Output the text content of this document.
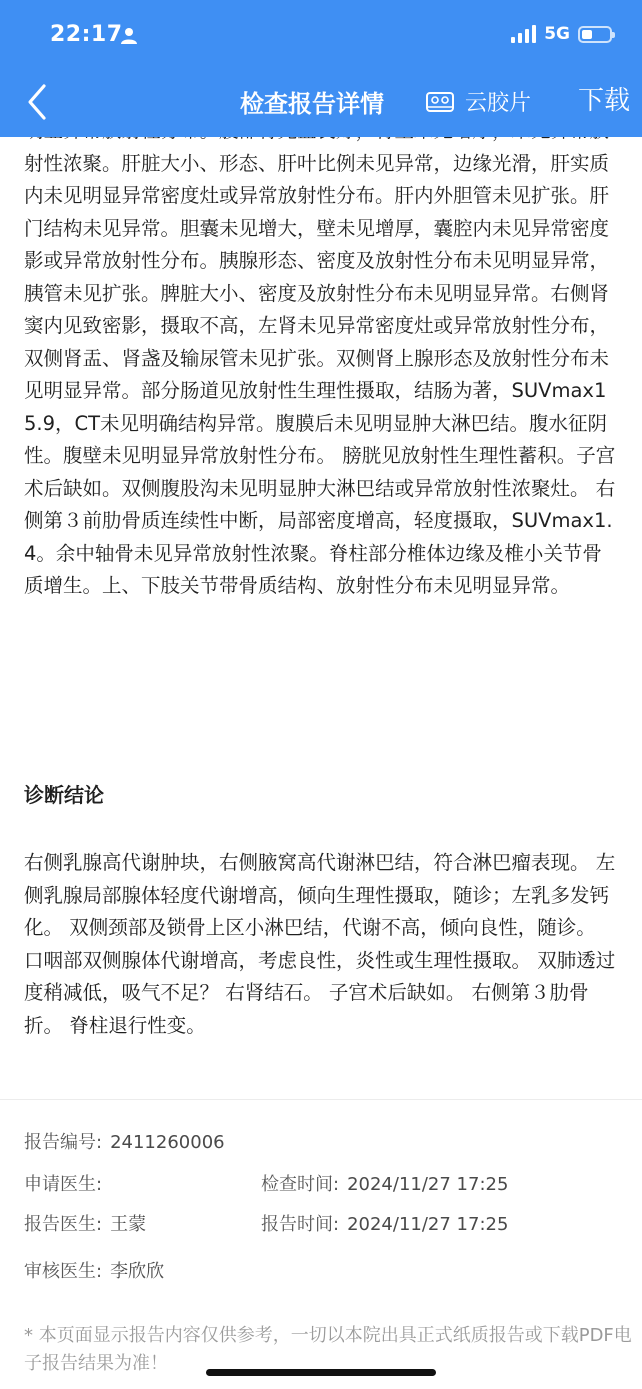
22:17	5G
检查报告详情	云胶片 下载

射性浓聚。肝脏大小、形态、肝叶比例未见异常，边缘光滑，肝实质内未见明显异常密度灶或异常放射性分布。肝内外胆管未见扩张。肝门结构未见异常。胆囊未见增大，壁未见增厚，囊腔内未见异常密度影或异常放射性分布。胰腺形态、密度及放射性分布未见明显异常，胰管未见扩张。脾脏大小、密度及放射性分布未见明显异常。右侧肾窦内见致密影，摄取不高，左肾未见异常密度灶或异常放射性分布，双侧肾盂、肾盏及输尿管未见扩张。双侧肾上腺形态及放射性分布未见明显异常。部分肠道见放射性生理性摄取，结肠为著，SUVmax15.9，CT未见明确结构异常。腹膜后未见明显肿大淋巴结。腹水征阴性。腹壁未见明显异常放射性分布。 膀胱见放射性生理性蓄积。子宫术后缺如。双侧腹股沟未见明显肿大淋巴结或异常放射性浓聚灶。 右侧第３前肋骨质连续性中断，局部密度增高，轻度摄取，SUVmax1.4。余中轴骨未见异常放射性浓聚。脊柱部分椎体边缘及椎小关节骨质增生。上、下肢关节带骨质结构、放射性分布未见明显异常。

诊断结论

右侧乳腺高代谢肿块，右侧腋窝高代谢淋巴结，符合淋巴瘤表现。 左侧乳腺局部腺体轻度代谢增高，倾向生理性摄取，随诊；左乳多发钙化。 双侧颈部及锁骨上区小淋巴结，代谢不高，倾向良性，随诊。 口咽部双侧腺体代谢增高，考虑良性，炎性或生理性摄取。 双肺透过度稍减低，吸气不足？ 右肾结石。 子宫术后缺如。 右侧第３肋骨折。 脊柱退行性变。

报告编号: 2411260006
申请医生:	检查时间: 2024/11/27 17:25
报告医生: 王蒙	报告时间: 2024/11/27 17:25
审核医生: 李欣欣

* 本页面显示报告内容仅供参考，一切以本院出具正式纸质报告或下载PDF电子报告结果为准！
